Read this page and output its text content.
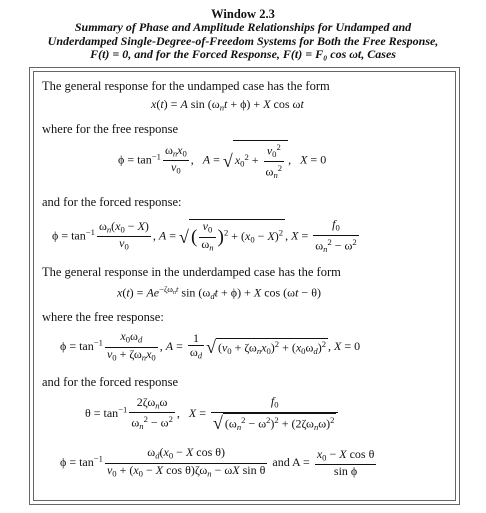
Window 2.3
Summary of Phase and Amplitude Relationships for Undamped and
Underdamped Single-Degree-of-Freedom Systems for Both the Free Response,
F(t) = 0, and for the Forced Response, F(t) = F₀ cos ωt, Cases
The general response for the undamped case has the form
x(t) = A $\sin (\omega_nt + \phi) + X$ cos ωt
where for the free response
$\phi = \tan^{-1} \frac{\omega_nx_0}{v_0}$ ,   A = √ $x_0^2 + \frac{v_0^2}{\omega_n^2}$ ,   X = 0
and for the forced response:
$\phi = \tan^{-1} \frac{\omega_n(x_0 - X)}{v_0}$ , A = √ ( $\frac{v_0}{\omega_n} )^2 + (x_0 - X)^2$ , $X = \frac{f_0}{\omega_n^2 - \omega^2}$
The general response in the underdamped case has the form
$x(t) = Ae^{-\zeta\omega_nt}$ $\sin (\omega_dt + \phi) + X$ cos (ωt − θ)
where the free response:
$\phi = \tan^{-1} \frac{x_0\omega_d}{v_0 + \zeta\omega_nx_0}$ , $A = \frac{1}{\omega_d}$ √ $(v_0 + \zeta\omega_nx_0)^2 + (x_0\omega_d)^2$ , X = 0
and for the forced response
$\theta = \tan^{-1} \frac{2\zeta\omega_n\omega}{\omega_n^2 - \omega^2}$ ,   $X = \frac{f_0}{√ (\omega_n^2 - \omega^2)^2 + (2\zeta\omega_n\omega)^2}$
$\phi = \tan^{-1} \frac{\omega_d(x_0 - X \cos \theta)}{v_0 + (x_0 - X \cos \theta)\zeta\omega_n - \omega X \sin \theta}$ and $A = \frac{x_0 - X \cos \theta}{\text{sin ϕ}}$
